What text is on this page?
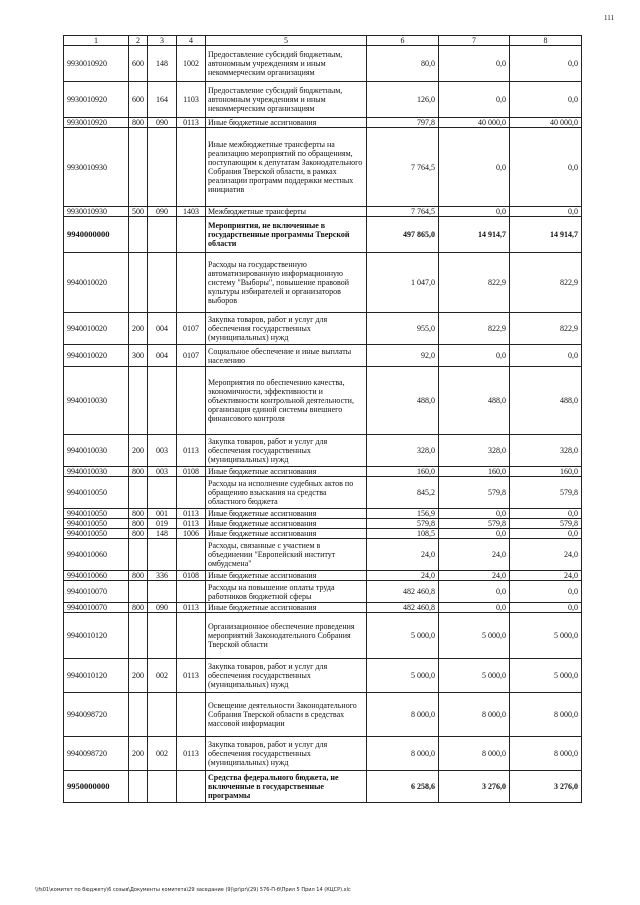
111
1	2	3	4	5	6	7	8
9930010920	600	148	1002	Предоставление субсидий бюджетным, автономным учреждениям и иным некоммерческим организациям	80,0	0,0	0,0
9930010920	600	164	1103	Предоставление субсидий бюджетным, автономным учреждениям и иным некоммерческим организациям	126,0	0,0	0,0
9930010920	800	090	0113	Иные бюджетные ассигнования	797,8	40 000,0	40 000,0
9930010930				Иные межбюджетные трансферты на реализацию мероприятий по обращениям, поступающим к депутатам Законодательного Собрания Тверской области, в рамках реализации программ поддержки местных инициатив	7 764,5	0,0	0,0
9930010930	500	090	1403	Межбюджетные трансферты	7 764,5	0,0	0,0
9940000000				Мероприятия, не включенные в государственные программы Тверской области	497 865,0	14 914,7	14 914,7
9940010020				Расходы на государственную автоматизированную информационную систему "Выборы", повышение правовой культуры избирателей и организаторов выборов	1 047,0	822,9	822,9
9940010020	200	004	0107	Закупка товаров, работ и услуг для обеспечения государственных (муниципальных) нужд	955,0	822,9	822,9
9940010020	300	004	0107	Социальное обеспечение и иные выплаты населению	92,0	0,0	0,0
9940010030				Мероприятия по обеспечению качества, экономичности, эффективности и объективности контрольной деятельности, организация единой системы внешнего финансового контроля	488,0	488,0	488,0
9940010030	200	003	0113	Закупка товаров, работ и услуг для обеспечения государственных (муниципальных) нужд	328,0	328,0	328,0
9940010030	800	003	0108	Иные бюджетные ассигнования	160,0	160,0	160,0
9940010050				Расходы на исполнение судебных актов по обращению взыскания на средства областного бюджета	845,2	579,8	579,8
9940010050	800	001	0113	Иные бюджетные ассигнования	156,9	0,0	0,0
9940010050	800	019	0113	Иные бюджетные ассигнования	579,8	579,8	579,8
9940010050	800	148	1006	Иные бюджетные ассигнования	108,5	0,0	0,0
9940010060				Расходы, связанные с участием в объединении "Европейский институт омбудсмена"	24,0	24,0	24,0
9940010060	800	336	0108	Иные бюджетные ассигнования	24,0	24,0	24,0
9940010070				Расходы на повышение оплаты труда работников бюджетной сферы	482 460,8	0,0	0,0
9940010070	800	090	0113	Иные бюджетные ассигнования	482 460,8	0,0	0,0
9940010120				Организационное обеспечение проведения мероприятий Законодательного Собрания Тверской области	5 000,0	5 000,0	5 000,0
9940010120	200	002	0113	Закупка товаров, работ и услуг для обеспечения государственных (муниципальных) нужд	5 000,0	5 000,0	5 000,0
9940098720				Освещение деятельности Законодательного Собрания Тверской области в средствах массовой информации	8 000,0	8 000,0	8 000,0
9940098720	200	002	0113	Закупка товаров, работ и услуг для обеспечения государственных (муниципальных) нужд	8 000,0	8 000,0	8 000,0
9950000000				Средства федерального бюджета, не включенные в государственные программы	6 258,6	3 276,0	3 276,0
\\fs01\комитет по бюджету\6 созыв\Документы комитета\29 заседание (9)\pr\pr\(29) 576-П-б\Прил 5 Прил 14 (КЦСР).xlc
